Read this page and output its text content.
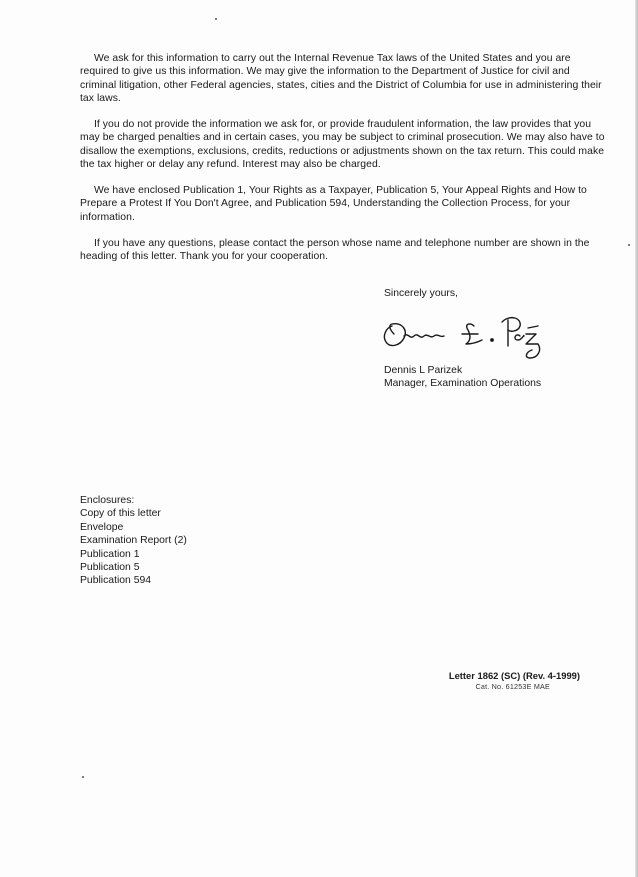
We ask for this information to carry out the Internal Revenue Tax laws of the United States and you are required to give us this information. We may give the information to the Department of Justice for civil and criminal litigation, other Federal agencies, states, cities and the District of Columbia for use in administering their tax laws.

If you do not provide the information we ask for, or provide fraudulent information, the law provides that you may be charged penalties and in certain cases, you may be subject to criminal prosecution. We may also have to disallow the exemptions, exclusions, credits, reductions or adjustments shown on the tax return. This could make the tax higher or delay any refund. Interest may also be charged.

We have enclosed Publication 1, Your Rights as a Taxpayer, Publication 5, Your Appeal Rights and How to Prepare a Protest If You Don't Agree, and Publication 594, Understanding the Collection Process, for your information.

If you have any questions, please contact the person whose name and telephone number are shown in the heading of this letter. Thank you for your cooperation.

Sincerely yours,

Dennis L Parizek
Manager, Examination Operations
Enclosures:
Copy of this letter
Envelope
Examination Report (2)
Publication 1
Publication 5
Publication 594
Letter 1862 (SC) (Rev. 4-1999)
Cat. No. 61253E MAE
